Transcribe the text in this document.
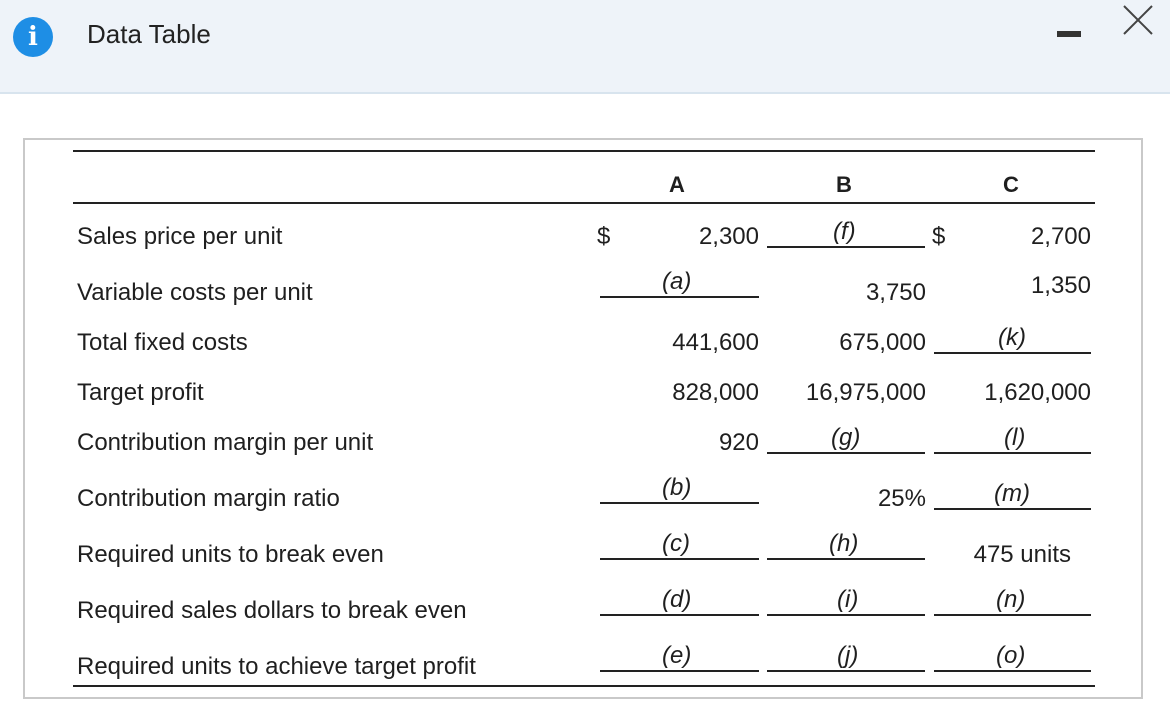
i	Data Table
A	B	C
Sales price per unit	$	2,300	(f)	$	2,700
Variable costs per unit	(a)	3,750	1,350
Total fixed costs	441,600	675,000	(k)
Target profit	828,000	16,975,000	1,620,000
Contribution margin per unit	920	(g)	(l)
Contribution margin ratio	(b)	25%	(m)
Required units to break even	(c)	(h)	475 units
Required sales dollars to break even	(d)	(i)	(n)
Required units to achieve target profit	(e)	(j)	(o)
